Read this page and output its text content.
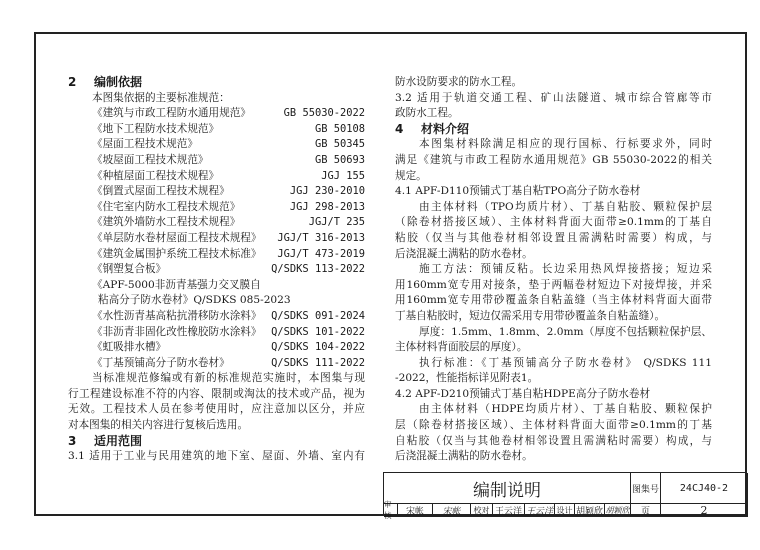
2 编制依据
本图集依据的主要标准规范：
《建筑与市政工程防水通用规范》	GB 55030-2022
《地下工程防水技术规范》	GB 50108
《屋面工程技术规范》	GB 50345
《坡屋面工程技术规范》	GB 50693
《种植屋面工程技术规程》	JGJ 155
《倒置式屋面工程技术规程》	JGJ 230-2010
《住宅室内防水工程技术规范》	JGJ 298-2013
《建筑外墙防水工程技术规程》	JGJ/T 235
《单层防水卷材屋面工程技术规程》 JGJ/T 316-2013
《建筑金属围护系统工程技术标准》 JGJ/T 473-2019
《钢塑复合板》	Q/SDKS 113-2022
《APF-5000非沥青基强力交叉膜自
粘高分子防水卷材》Q/SDKS 085-2023
《水性沥青基高粘抗滑移防水涂料》 Q/SDKS 091-2024
《非沥青非固化改性橡胶防水涂料》 Q/SDKS 101-2022
《虹吸排水槽》	Q/SDKS 104-2022
《丁基预铺高分子防水卷材》	Q/SDKS 111-2022
当标准规范修编或有新的标准规范实施时，本图集与现
行工程建设标准不符的内容、限制或淘汰的技术或产品，视为
无效。工程技术人员在参考使用时，应注意加以区分，并应
对本图集的相关内容进行复核后选用。
3 适用范围
3.1 适用于工业与民用建筑的地下室、屋面、外墙、室内有
防水设防要求的防水工程。
3.2 适用于轨道交通工程、矿山法隧道、城市综合管廊等市
政防水工程。
4 材料介绍
本图集材料除满足相应的现行国标、行标要求外，同时
满足《建筑与市政工程防水通用规范》GB 55030-2022的相关
规定。
4.1 APF-D110预铺式丁基自粘TPO高分子防水卷材
由主体材料（TPO均质片材）、丁基自粘胶、颗粒保护层
（除卷材搭接区域）、主体材料背面大面带≥0.1mm的丁基自
粘胶（仅当与其他卷材相邻设置且需满粘时需要）构成，与
后浇混凝土满粘的防水卷材。
施工方法：预铺反粘。长边采用热风焊接搭接；短边采
用160mm宽专用对接条，垫于两幅卷材短边下对接焊接，并采
用160mm宽专用带砂覆盖条自粘盖缝（当主体材料背面大面带
丁基自粘胶时，短边仅需采用专用带砂覆盖条自粘盖缝）。
厚度：1.5mm、1.8mm、2.0mm（厚度不包括颗粒保护层、
主体材料背面胶层的厚度）。
执行标准：《丁基预铺高分子防水卷材》 Q/SDKS 111
-2022，性能指标详见附表1。
4.2 APF-D210预铺式丁基自粘HDPE高分子防水卷材
由主体材料（HDPE均质片材）、丁基自粘胶、颗粒保护
层（除卷材搭接区域）、主体材料背面大面带≥0.1mm的丁基
自粘胶（仅当与其他卷材相邻设置且需满粘时需要）构成，与
后浇混凝土满粘的防水卷材。
编制说明	图集号	24CJ40-2
审核	宋帐	宋帐	校对 王云洋 王云洋 设计 胡颖欣 胡颖欣	页	2
